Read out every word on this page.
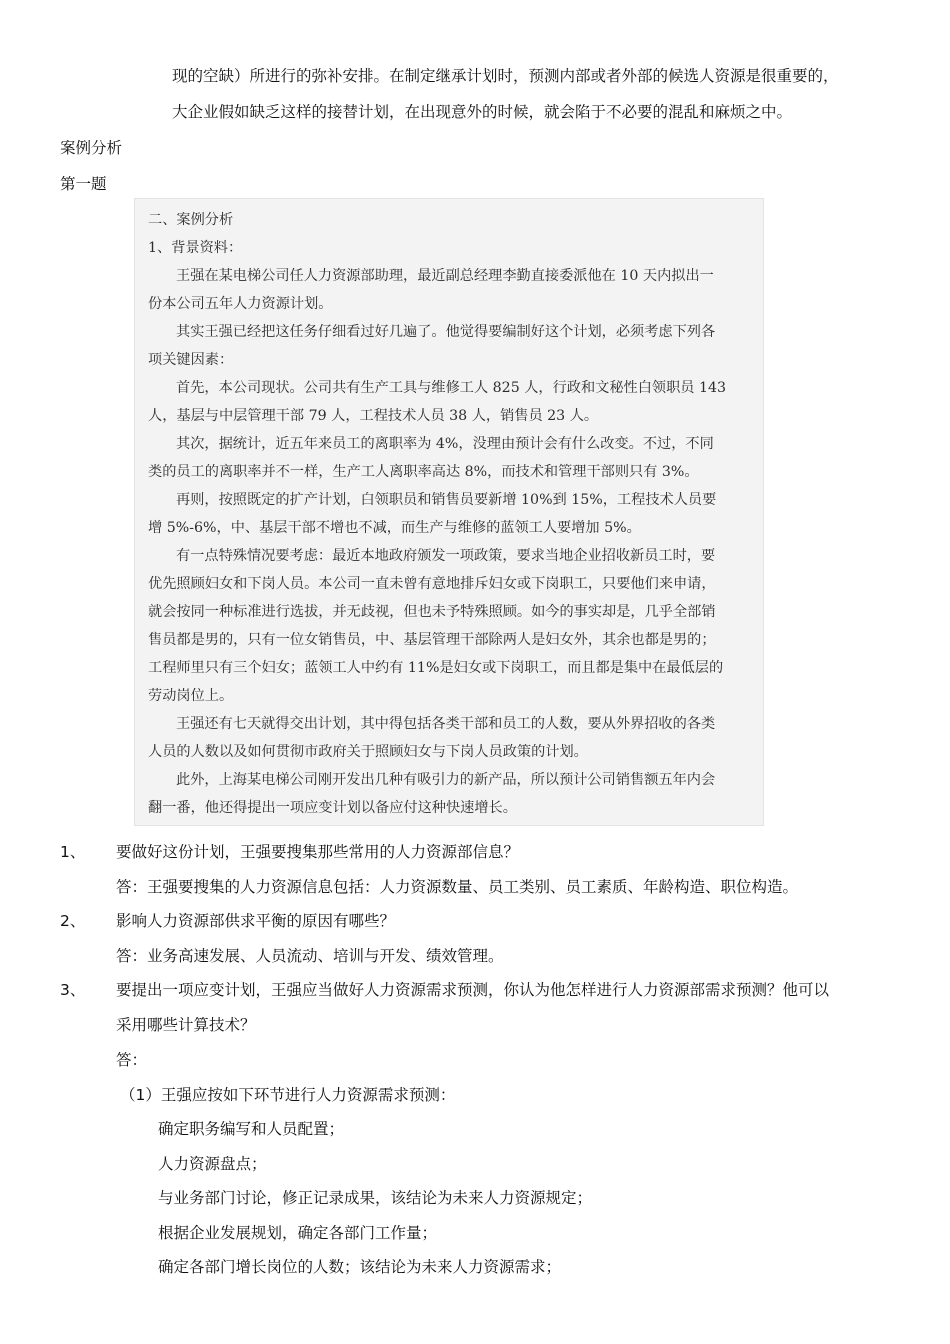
现的空缺）所进行的弥补安排。在制定继承计划时，预测内部或者外部的候选人资源是很重要的，
大企业假如缺乏这样的接替计划，在出现意外的时候，就会陷于不必要的混乱和麻烦之中。
案例分析
第一题
二、案例分析
1、背景资料：
王强在某电梯公司任人力资源部助理，最近副总经理李勤直接委派他在 10 天内拟出一
份本公司五年人力资源计划。
其实王强已经把这任务仔细看过好几遍了。他觉得要编制好这个计划，必须考虑下列各
项关键因素：
首先，本公司现状。公司共有生产工具与维修工人 825 人，行政和文秘性白领职员 143
人，基层与中层管理干部 79 人，工程技术人员 38 人，销售员 23 人。
其次，据统计，近五年来员工的离职率为 4%，没理由预计会有什么改变。不过，不同
类的员工的离职率并不一样，生产工人离职率高达 8%，而技术和管理干部则只有 3%。
再则，按照既定的扩产计划，白领职员和销售员要新增 10%到 15%，工程技术人员要
增 5%-6%，中、基层干部不增也不减，而生产与维修的蓝领工人要增加 5%。
有一点特殊情况要考虑：最近本地政府颁发一项政策，要求当地企业招收新员工时，要
优先照顾妇女和下岗人员。本公司一直未曾有意地排斥妇女或下岗职工，只要他们来申请，
就会按同一种标准进行选拔，并无歧视，但也未予特殊照顾。如今的事实却是，几乎全部销
售员都是男的，只有一位女销售员，中、基层管理干部除两人是妇女外，其余也都是男的；
工程师里只有三个妇女；蓝领工人中约有 11%是妇女或下岗职工，而且都是集中在最低层的
劳动岗位上。
王强还有七天就得交出计划，其中得包括各类干部和员工的人数，要从外界招收的各类
人员的人数以及如何贯彻市政府关于照顾妇女与下岗人员政策的计划。
此外，上海某电梯公司刚开发出几种有吸引力的新产品，所以预计公司销售额五年内会
翻一番，他还得提出一项应变计划以备应付这种快速增长。
1、 要做好这份计划，王强要搜集那些常用的人力资源部信息？
答：王强要搜集的人力资源信息包括：人力资源数量、员工类别、员工素质、年龄构造、职位构造。
2、 影响人力资源部供求平衡的原因有哪些？
答：业务高速发展、人员流动、培训与开发、绩效管理。
3、 要提出一项应变计划，王强应当做好人力资源需求预测，你认为他怎样进行人力资源部需求预测？他可以
采用哪些计算技术？
答：
（1）王强应按如下环节进行人力资源需求预测：
确定职务编写和人员配置；
人力资源盘点；
与业务部门讨论，修正记录成果，该结论为未来人力资源规定；
根据企业发展规划，确定各部门工作量；
确定各部门增长岗位的人数；该结论为未来人力资源需求；
